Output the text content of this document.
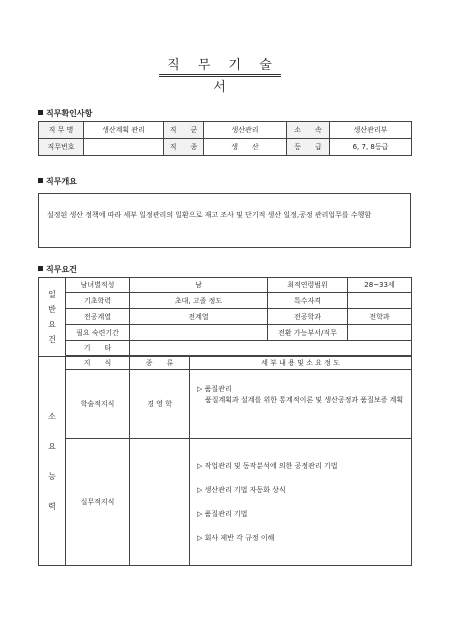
직 무 기 술 서
직무확인사항
직 무 명	생산계획 관리	직　　군	생산관리	소　　속	생산관리부
직무번호		직　　종	생　　산	등　　급	6, 7, 8등급
직무개요
설정된 생산 정책에 따라 세부 일정관리의 일환으로 재고 조사 및 단기적 생산 일정,공정 관리업무를 수행함
직무요건
일
반
요
건	남녀별적성	남		최적연령범위	28~33세
	기초학력	초대, 고졸 정도		특수자격	
	전공계열	전계열		전공학과	전학과
	필요 숙련기간			전환 가능부서/직무	
	기　　타				

소

요

능

력	지　　식	종　　류	세 부 내 용 및 소 요 정 도		
	학술적지식	경 영 학	▷ 품질관리

품질계획과 설계를 위한 통계적이론 및 생산공정과 품질보증 계획		

	실무적지식		▷ 작업관리 및 동작분석에 의한 공정관리 기법

▷ 생산관리 기법 자동화 상식

▷ 품질관리 기법

▷ 회사 제반 각 규정 이해		
